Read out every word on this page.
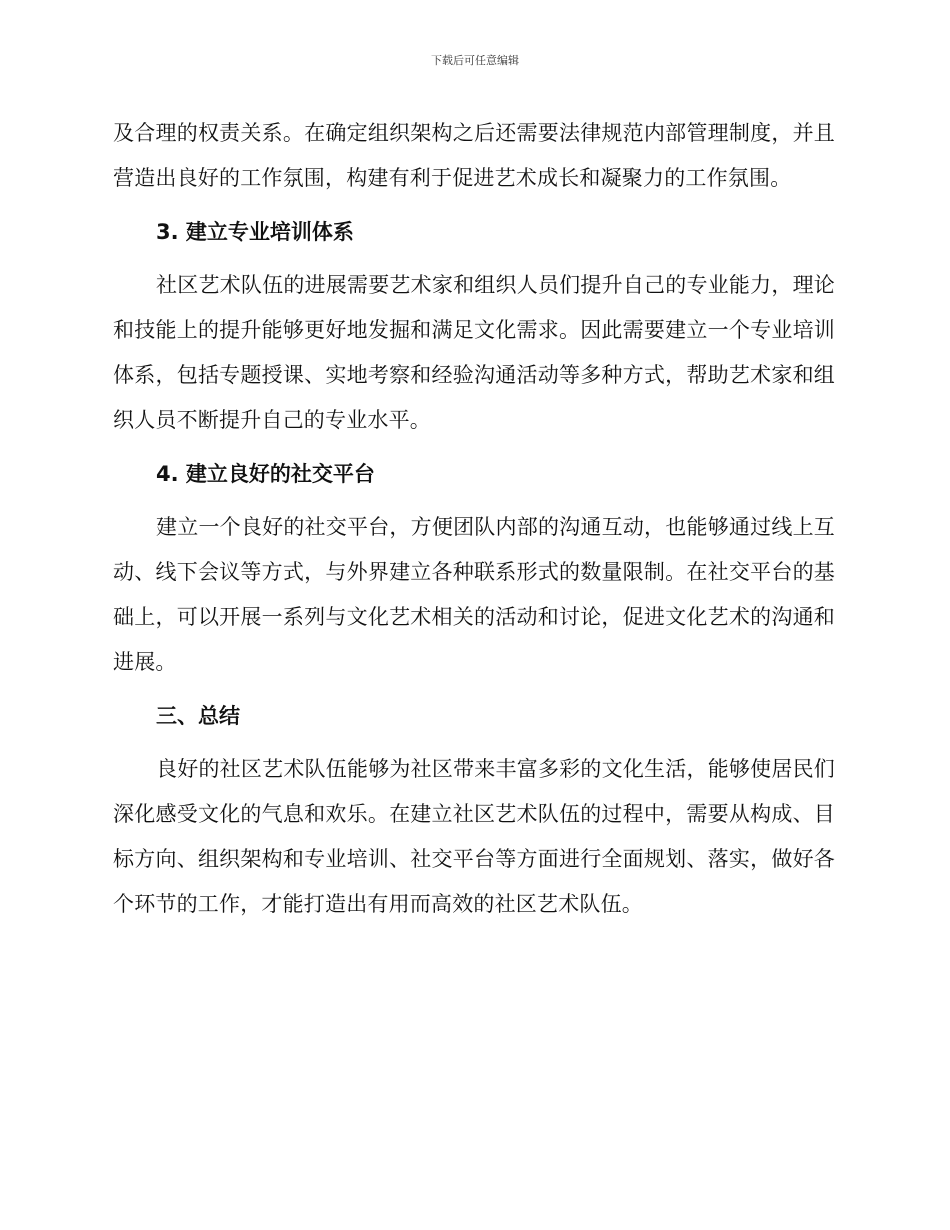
下载后可任意编辑

及合理的权责关系。在确定组织架构之后还需要法律规范内部管理制度，并且营造出良好的工作氛围，构建有利于促进艺术成长和凝聚力的工作氛围。

3. 建立专业培训体系

社区艺术队伍的进展需要艺术家和组织人员们提升自己的专业能力，理论和技能上的提升能够更好地发掘和满足文化需求。因此需要建立一个专业培训体系，包括专题授课、实地考察和经验沟通活动等多种方式，帮助艺术家和组织人员不断提升自己的专业水平。

4. 建立良好的社交平台

建立一个良好的社交平台，方便团队内部的沟通互动，也能够通过线上互动、线下会议等方式，与外界建立各种联系形式的数量限制。在社交平台的基础上，可以开展一系列与文化艺术相关的活动和讨论，促进文化艺术的沟通和进展。

三、总结

良好的社区艺术队伍能够为社区带来丰富多彩的文化生活，能够使居民们深化感受文化的气息和欢乐。在建立社区艺术队伍的过程中，需要从构成、目标方向、组织架构和专业培训、社交平台等方面进行全面规划、落实，做好各个环节的工作，才能打造出有用而高效的社区艺术队伍。
